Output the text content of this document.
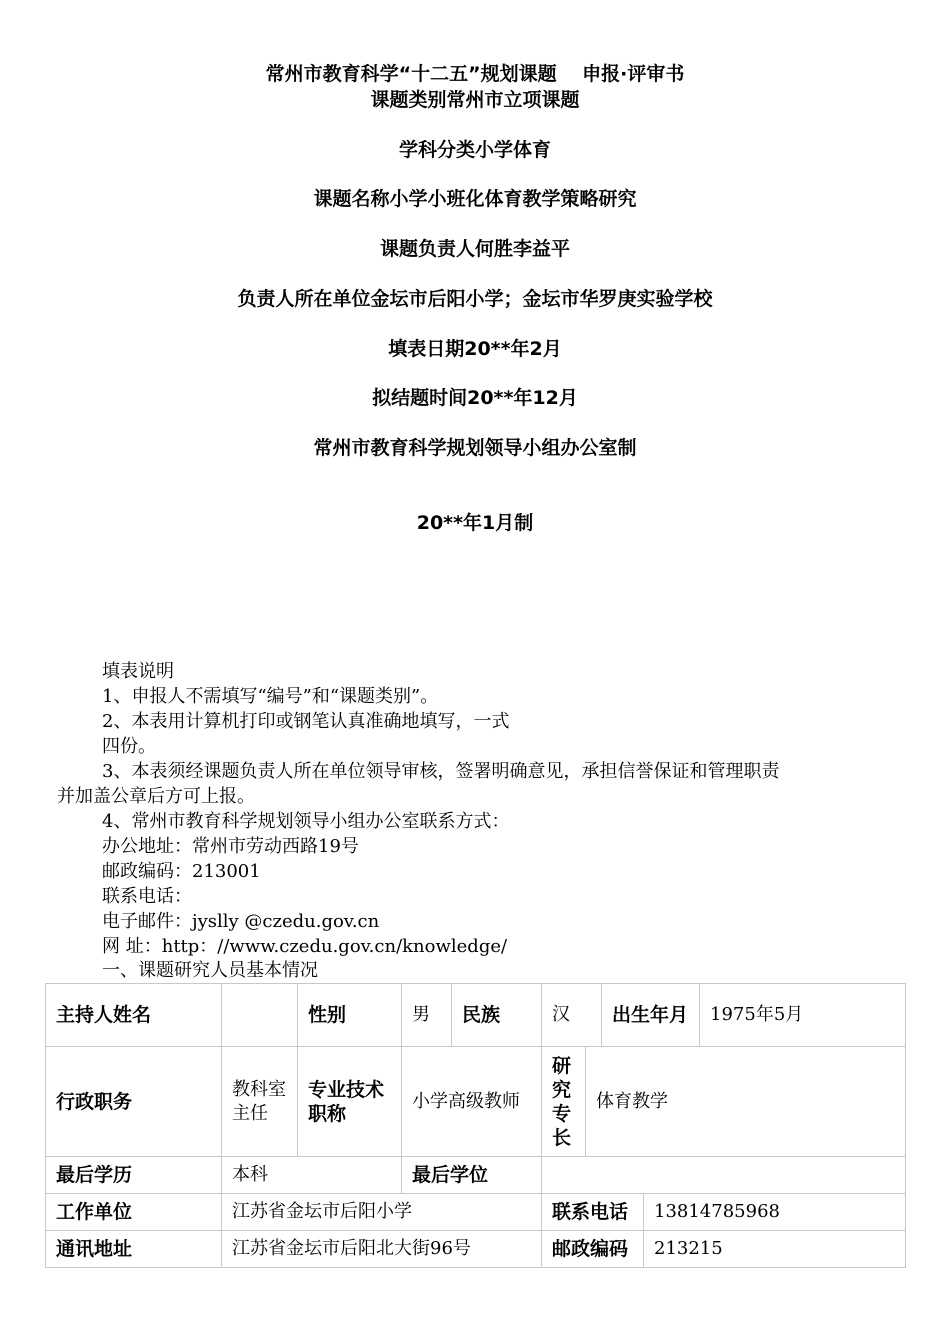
常州市教育科学“十二五”规划课题　 申报·评审书
课题类别常州市立项课题
学科分类小学体育
课题名称小学小班化体育教学策略研究
课题负责人何胜李益平
负责人所在单位金坛市后阳小学；金坛市华罗庚实验学校
填表日期20**年2月
拟结题时间20**年12月
常州市教育科学规划领导小组办公室制
20**年1月制
填表说明
1、申报人不需填写“编号”和“课题类别”。
2、本表用计算机打印或钢笔认真准确地填写，一式
四份。
3、本表须经课题负责人所在单位领导审核，签署明确意见，承担信誉保证和管理职责
并加盖公章后方可上报。
4、常州市教育科学规划领导小组办公室联系方式：
办公地址：常州市劳动西路19号
邮政编码：213001
联系电话：
电子邮件：jyslly @czedu.gov.cn
网 址：http：//www.czedu.gov.cn/knowledge/
一、课题研究人员基本情况
主持人姓名		性别	男	民族	汉		出生年月		1975年5月
行政职务	教科室主任	专业技术职称	小学高级教师		研究专长	体育教学			
最后学历	本科		最后学位						
工作单位	江苏省金坛市后阳小学				联系电话			13814785968	
通讯地址	江苏省金坛市后阳北大街96号				邮政编码			213215	
